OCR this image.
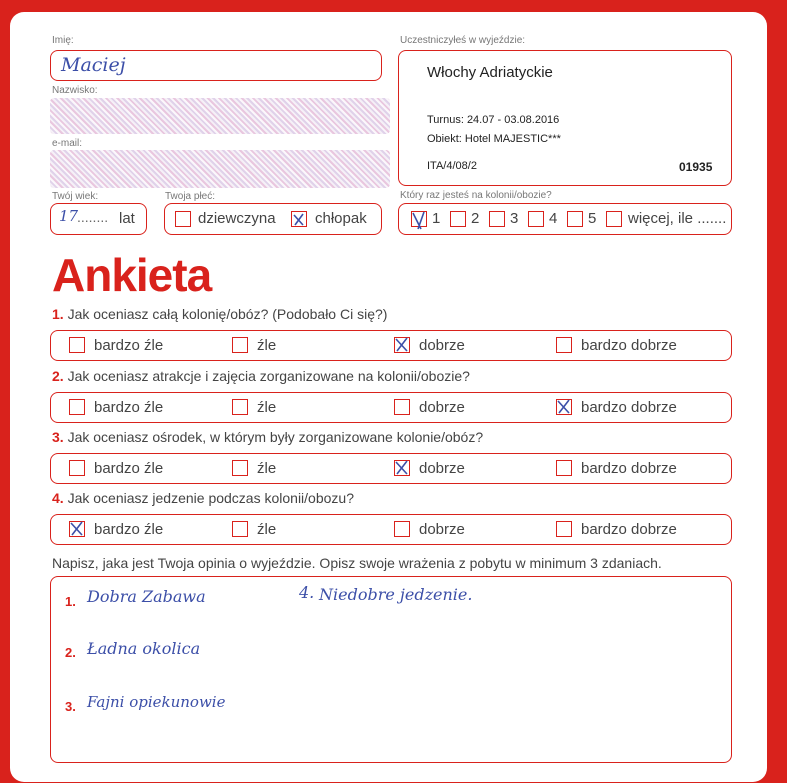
Imię:
Maciej
Nazwisko:
e-mail:
Twój wiek:
17
........ lat
Twoja płeć:
dziewczyna	chłopak
Uczestniczyłeś w wyjeździe:
Włochy Adriatyckie
Turnus: 24.07 - 03.08.2016
Obiekt: Hotel MAJESTIC***
ITA/4/08/2	01935
Który raz jesteś na kolonii/obozie?
1 2 3 4 5 więcej, ile .......
Ankieta
1. Jak oceniasz całą kolonię/obóz? (Podobało Ci się?)
bardzo źle	źle	dobrze	bardzo dobrze
2. Jak oceniasz atrakcje i zajęcia zorganizowane na kolonii/obozie?
bardzo źle	źle	dobrze	bardzo dobrze
3. Jak oceniasz ośrodek, w którym były zorganizowane kolonie/obóz?
bardzo źle	źle	dobrze	bardzo dobrze
4. Jak oceniasz jedzenie podczas kolonii/obozu?
bardzo źle	źle	dobrze	bardzo dobrze
Napisz, jaka jest Twoja opinia o wyjeździe. Opisz swoje wrażenia z pobytu w minimum 3 zdaniach.
1. Dobra Zabawa
2. Ładna okolica
3. Fajni opiekunowie
4. Niedobre jedzenie.
